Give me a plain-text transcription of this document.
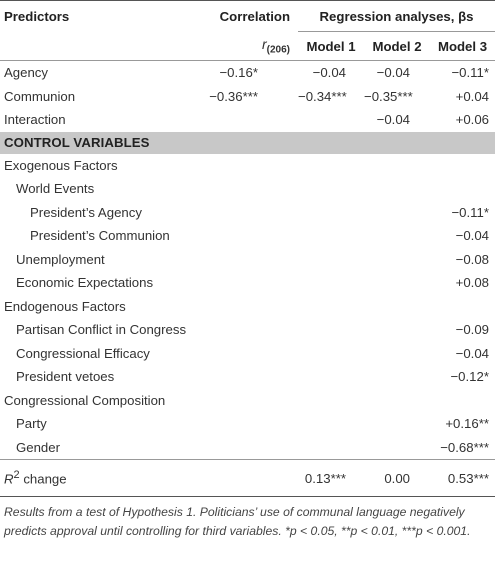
Predictors	Correlation	Regression analyses, βs		
	$r_{(206)}$	Model 1	Model 2	Model 3
Agency	−0.16*	−0.04	−0.04	−0.11*
Communion	−0.36***	−0.34***	−0.35***	+0.04
Interaction			−0.04	+0.06
CONTROL VARIABLES				
Exogenous Factors				
World Events				
President’s Agency				−0.11*
President’s Communion				−0.04
Unemployment				−0.08
Economic Expectations				+0.08
Endogenous Factors				
Partisan Conflict in Congress				−0.09
Congressional Efficacy				−0.04
President vetoes				−0.12*
Congressional Composition				
Party				+0.16**
Gender				−0.68***
$R^2$ change		0.13***	0.00	0.53***
Results from a test of Hypothesis 1. Politicians’ use of communal language negatively predicts approval until controlling for third variables. *p < 0.05, **p < 0.01, ***p < 0.001.
